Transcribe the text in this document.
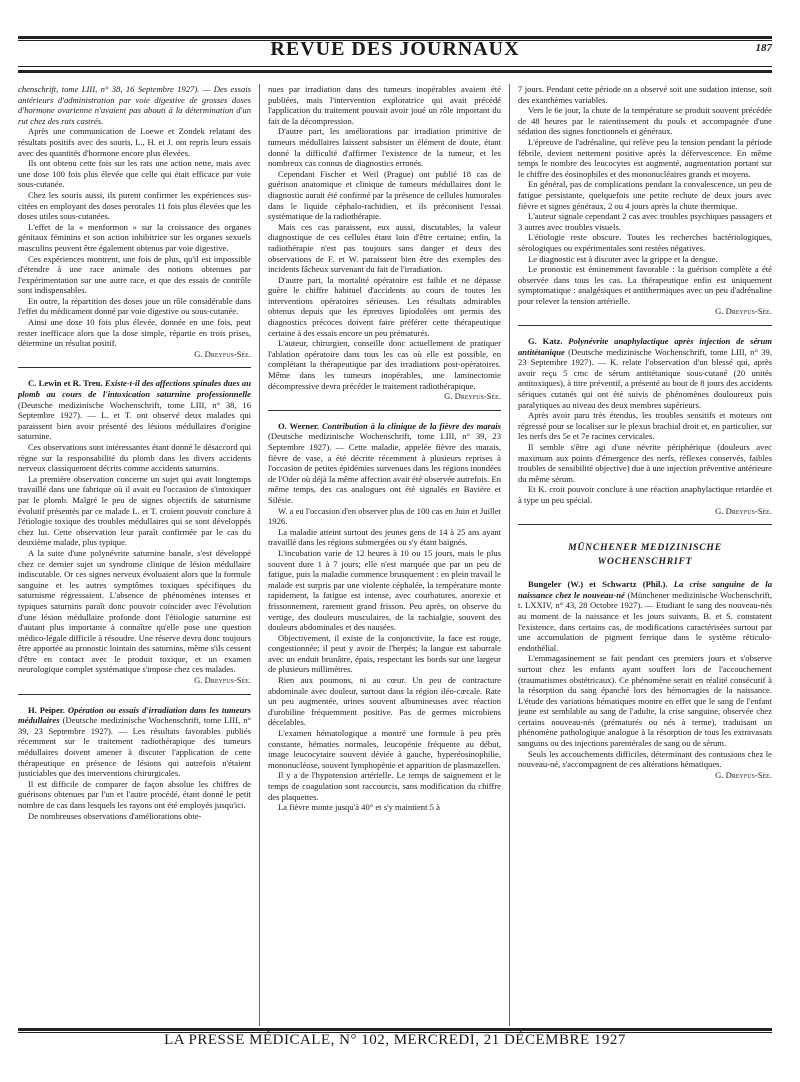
REVUE DES JOURNAUX	187

chenschrift, tome LIII, n° 38, 16 Septembre 1927). — Des essais antérieurs d'administration par voie digestive de grosses doses d'hormone ovarienne n'avaient pas abouti à la détermination d'un rut chez des rats castrés.

Après une communication de Loewe et Zondek relatant des résultats positifs avec des souris, L., H. et J. ont repris leurs essais avec des quantités d'hormone encore plus élevées.

Ils ont obtenu cette fois sur les rats une action nette, mais avec une dose 100 fois plus élevée que celle qui était efficace par voie sous-cutanée.

Chez les souris aussi, ils purent confirmer les expériences sus-citées en employant des doses perorales 11 fois plus élevées que les doses utiles sous-cutanées.

L'effet de la « menformon » sur la croissance des organes génitaux féminins et son action inhibitrice sur les organes sexuels masculins peuvent être également obtenus par voie digestive.

Ces expériences montrent, une fois de plus, qu'il est impossible d'étendre à une race animale des notions obtenues par l'expérimentation sur une autre race, et que des essais de contrôle sont indispensables.

En outre, la répartition des doses joue un rôle considérable dans l'effet du médicament donné par voie digestive ou sous-cutanée.

Ainsi une dose 10 fois plus élevée, donnée en une fois, peut rester inefficace alors que la dose simple, répartie en trois prises, détermine un résultat positif.

G. Dreyfus-Sée.

C. Lewin et R. Treu. Existe-t-il des affections spinales dues au plomb au cours de l'intoxication saturnine professionnelle (Deutsche medizinische Wochenschrift, tome LIII, n° 38, 16 Septembre 1927). — L. et T. ont observé deux malades qui paraissent bien avoir présenté des lésions médullaires d'origine saturnine.

Ces observations sont intéressantes étant donné le désaccord qui règne sur la responsabilité du plomb dans les divers accidents nerveux classiquement décrits comme accidents saturnins.

La première observation concerne un sujet qui avait longtemps travaillé dans une fabrique où il avait eu l'occasion de s'intoxiquer par le plomb. Malgré le peu de signes objectifs de saturnisme évolutif présentés par ce malade L. et T. croient pouvoir conclure à l'étiologie toxique des troubles médullaires qui se sont développés chez lui. Cette observation leur paraît confirmée par le cas du deuxième malade, plus typique.

A la suite d'une polynévrite saturnine banale, s'est développé chez ce dernier sujet un syndrome clinique de lésion médullaire indiscutable. Or ces signes nerveux évoluaient alors que la formule sanguine et les autres symptômes toxiques spécifiques du saturnisme régressaient. L'absence de phénomènes intenses et typiques saturnins paraît donc pouvoir coïncider avec l'évolution d'une lésion médullaire profonde dont l'étiologie saturnine est d'autant plus importante à connaître qu'elle pose une question médico-légale difficile à résoudre. Une réserve devra donc toujours être apportée au pronostic lointain des saturnins, même s'ils cessent d'être en contact avec le produit toxique, et un examen neurologique complet systématique s'impose chez ces malades.

G. Dreyfus-Sée.

H. Peiper. Opération ou essais d'irradiation dans les tumeurs médullaires (Deutsche medizinische Wochenschrift, tome LIII, n° 39, 23 Septembre 1927). — Les résultats favorables publiés récemment sur le traitement radiothérapique des tumeurs médullaires doivent amener à discuter l'application de cette thérapeutique en présence de lésions qui autrefois n'étaient justiciables que des interventions chirurgicales.

Il est difficile de comparer de façon absolue les chiffres de guérisons obtenues par l'un et l'autre procédé, étant donné le petit nombre de cas dans lesquels les rayons ont été employés jusqu'ici.

De nombreuses observations d'améliorations obte-

nues par irradiation dans des tumeurs inopérables avaient été publiées, mais l'intervention exploratrice qui avait précédé l'application du traitement pouvait avoir joué un rôle important du fait de la décompression.

D'autre part, les améliorations par irradiation primitive de tumeurs médullaires laissent subsister un élément de doute, étant donné la difficulté d'affirmer l'existence de la tumeur, et les nombreux cas connus de diagnostics erronés.

Cependant Fischer et Weil (Prague) ont publié 18 cas de guérison anatomique et clinique de tumeurs médullaires dont le diagnostic aurait été confirmé par la présence de cellules humorales dans le liquide céphalo-rachidien, et ils préconisent l'essai systématique de la radiothérapie.

Mais ces cas paraissent, eux aussi, discutables, la valeur diagnostique de ces cellules étant loin d'être certaine; enfin, la radiothérapie n'est pas toujours sans danger et deux des observations de F. et W. paraissent bien être des exemples des incidents fâcheux survenant du fait de l'irradiation.

D'autre part, la mortalité opératoire est faible et ne dépasse guère le chiffre habituel d'accidents au cours de toutes les interventions opératoires sérieuses. Les résultats admirables obtenus depuis que les épreuves lipiodolées ont permis des diagnostics précoces doivent faire préférer cette thérapeutique certaine à des essais encore un peu prématurés.

L'auteur, chirurgien, conseille donc actuellement de pratiquer l'ablation opératoire dans tous les cas où elle est possible, en complétant la thérapeutique par des irradiations post-opératoires. Même dans les tumeurs inopérables, une laminectomie décompressive devra précéder le traitement radiothérapique.

G. Dreyfus-Sée.

O. Werner. Contribution à la clinique de la fièvre des marais (Deutsche medizinische Wochenschrift, tome LIII, n° 39, 23 Septembre 1927). — Cette maladie, appelée fièvre des marais, fièvre de vase, a été décrite récemment à plusieurs reprises à l'occasion de petites épidémies survenues dans les régions inondées de l'Oder où déjà la même affection avait été observée autrefois. En même temps, des cas analogues ont été signalés en Bavière et Silésie.

W. a eu l'occasion d'en observer plus de 100 cas en Juin et Juillet 1926.

La maladie atteint surtout des jeunes gens de 14 à 25 ans ayant travaillé dans les régions submergées ou s'y étant baignés.

L'incubation varie de 12 heures à 10 ou 15 jours, mais le plus souvent dure 1 à 7 jours; elle n'est marquée que par un peu de fatigue, puis la maladie commence brusquement : en plein travail le malade est surpris par une violente céphalée, la température monte rapidement, la fatigue est intense, avec courbatures, anorexie et frissonnement, rarement grand frisson. Peu après, on observe du vertige, des douleurs musculaires, de la rachialgie, souvent des douleurs abdominales et des nausées.

Objectivement, il existe de la conjonctivite, la face est rouge, congestionnée; il peut y avoir de l'herpès; la langue est saburrale avec un enduit brunâtre, épais, respectant les bords sur une largeur de plusieurs millimètres.

Rien aux poumons, ni au cœur. Un peu de contracture abdominale avec douleur, surtout dans la région iléo-cæcale. Rate un peu augmentée, urines souvent albumineuses avec réaction d'urobiline fréquemment positive. Pas de germes microbiens décelables.

L'examen hématologique a montré une formule à peu près constante, hématies normales, leucopénie fréquente au début, image leucocytaire souvent déviée à gauche, hyperéosinophilie, mononucléose, souvent lymphopénie et apparition de plasmazellen.

Il y a de l'hypotension artérielle. Le temps de saignement et le temps de coagulation sont raccourcis, sans modification du chiffre des plaquettes.

La fièvre monte jusqu'à 40° et s'y maintient 5 à

7 jours. Pendant cette période on a observé soit une sudation intense, soit des exanthèmes variables.

Vers le 6e jour, la chute de la température se produit souvent précédée de 48 heures par le raientissement du pouls et accompagnée d'une sédation des signes fonctionnels et généraux.

L'épreuve de l'adrénaline, qui relève peu la tension pendant la période fébrile, devient nettement positive après la défervescence. En même temps le nombre des leucocytes est augmenté, augmentation portant sur le chiffre des éosinophiles et des mononucléaires grands et moyens.

En général, pas de complications pendant la convalescence, un peu de fatigue persistante, quelquefois une petite rechute de deux jours avec fièvre et signes généraux, 2 ou 4 jours après la chute thermique.

L'auteur signale cependant 2 cas avec troubles psychiques passagers et 3 autres avec troubles visuels.

L'étiologie reste obscure. Toutes les recherches bactériologiques, sérologiques ou expérimentales sont restées négatives.

Le diagnostic est à discuter avec la grippe et la dengue.

Le pronostic est éminemment favorable : la guérison complète a été observée dans tous les cas. La thérapeutique enfin est uniquement symptomatique : analgésiques et antithermiques avec un peu d'adrénaline pour relever la tension artérielle.

G. Dreyfus-Sée.

G. Katz. Polynévrite anaphylactique après injection de sérum antitétanique (Deutsche medizinische Wochenschrift, tome LIII, n° 39, 23 Septembre 1927). — K. relate l'observation d'un blessé qui, après avoir reçu 5 cmc de sérum antitétanique sous-cutané (20 unités antitoxiques), à titre préventif, a présenté au bout de 8 jours des accidents sériques cutanés qui ont été suivis de phénomènes douloureux puis paralytiques au niveau des deux membres supérieurs.

Après avoir paru très étendus, les troubles sensitifs et moteurs ont régressé pour se localiser sur le plexus brachial droit et, en particulier, sur les nerfs des 5e et 7e racines cervicales.

Il semble s'être agi d'une névrite périphérique (douleurs avec maximum aux points d'émergence des nerfs, réflexes conservés, faibles troubles de sensibilité objective) due à une injection préventive antérieure du même sérum.

Et K. croit pouvoir conclure à une réaction anaphylactique retardée et à type un peu spécial.

G. Dreyfus-Sée.

MÜNCHENER MEDIZINISCHE
WOCHENSCHRIFT

Bungeler (W.) et Schwartz (Phil.). La crise sanguine de la naissance chez le nouveau-né (Münchener medizinische Wochenschrift, t. LXXIV, n° 43, 28 Octobre 1927). — Etudiant le sang des nouveau-nés au moment de la naissance et les jours suivants, B. et S. constatent l'existence, dans certains cas, de modifications caractérisées surtout par une accumulation de pigment ferrique dans le système réticulo-endothélial.

L'emmagasinement se fait pendant ces premiers jours et s'observe surtout chez les enfants ayant souffert lors de l'accouchement (traumatismes obstétricaux). Ce phénomène serait en réalité consécutif à la résorption du sang épanché lors des hémorragies de la naissance. L'étude des variations hématiques montre en effet que le sang de l'enfant jeune est semblable au sang de l'adulte, la crise sanguine, observée chez certains nouveau-nés (prématurés ou nés à terme), traduisant un phénomène pathologique analogue à la résorption de tous les extravasats sanguins ou des injections parentérales de sang ou de sérum.

Seuls les accouchements difficiles, déterminant des contusions chez le nouveau-né, s'accompagnent de ces altérations hématiques.

G. Dreyfus-Sée.

LA PRESSE MÉDICALE, N° 102, MERCREDI, 21 DÉCEMBRE 1927
